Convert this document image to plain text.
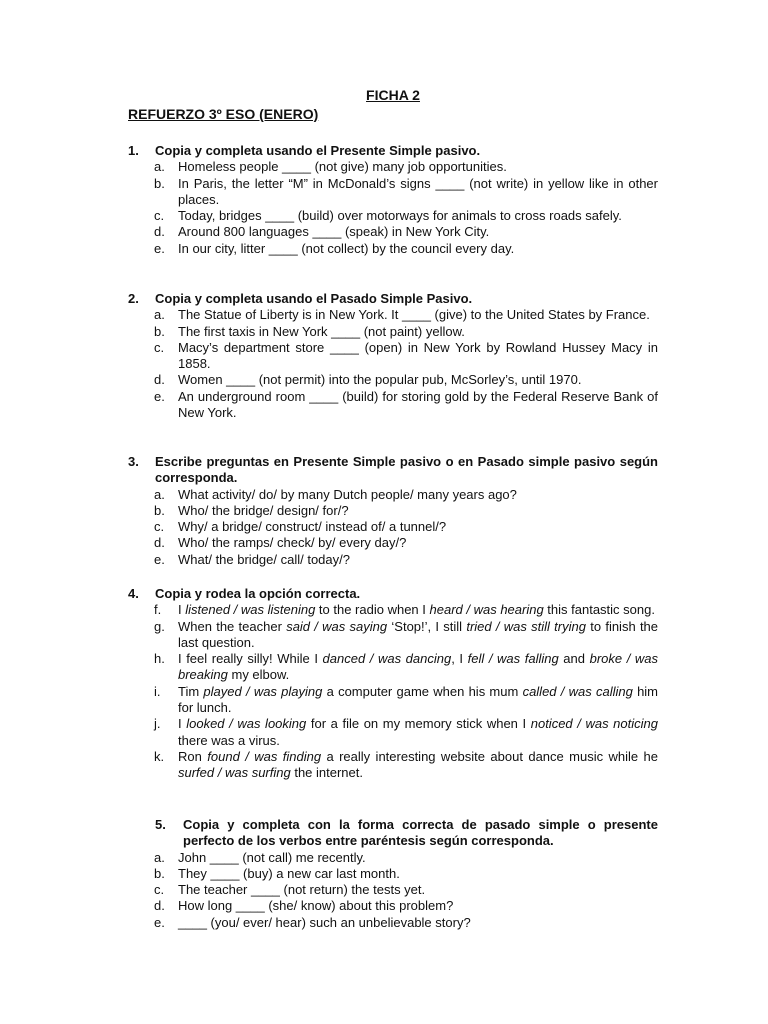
FICHA 2
REFUERZO 3º ESO (ENERO)
1.	Copia y completa usando el Presente Simple pasivo.
a.	Homeless people ____ (not give) many job opportunities.
b.	In Paris, the letter “M” in McDonald’s signs ____ (not write) in yellow like in other places.
c.	Today, bridges ____ (build) over motorways for animals to cross roads safely.
d.	Around 800 languages ____ (speak) in New York City.
e.	In our city, litter ____ (not collect) by the council every day.
2.	Copia y completa usando el Pasado Simple Pasivo.
a.	The Statue of Liberty is in New York. It ____ (give) to the United States by France.
b.	The first taxis in New York ____ (not paint) yellow.
c.	Macy’s department store ____ (open) in New York by Rowland Hussey Macy in 1858.
d.	Women ____ (not permit) into the popular pub, McSorley’s, until 1970.
e.	An underground room ____ (build) for storing gold by the Federal Reserve Bank of New York.
3.	Escribe preguntas en Presente Simple pasivo o en Pasado simple pasivo según corresponda.
a.	What activity/ do/ by many Dutch people/ many years ago?
b.	Who/ the bridge/ design/ for/?
c.	Why/ a bridge/ construct/ instead of/ a tunnel/?
d.	Who/ the ramps/ check/ by/ every day/?
e.	What/ the bridge/ call/ today/?
4.	Copia y rodea la opción correcta.
f.	I listened / was listening to the radio when I heard / was hearing this fantastic song.
g.	When the teacher said / was saying ‘Stop!’, I still tried / was still trying to finish the last question.
h.	I feel really silly! While I danced / was dancing, I fell / was falling and broke / was breaking my elbow.
i.	Tim played / was playing a computer game when his mum called / was calling him for lunch.
j.	I looked / was looking for a file on my memory stick when I noticed / was noticing there was a virus.
k.	Ron found / was finding a really interesting website about dance music while he surfed / was surfing the internet.
5.	Copia y completa con la forma correcta de pasado simple o presente perfecto de los verbos entre paréntesis según corresponda.
a.	John ____ (not call) me recently.
b.	They ____ (buy) a new car last month.
c.	The teacher ____ (not return) the tests yet.
d.	How long ____ (she/ know) about this problem?
e.	____ (you/ ever/ hear) such an unbelievable story?
